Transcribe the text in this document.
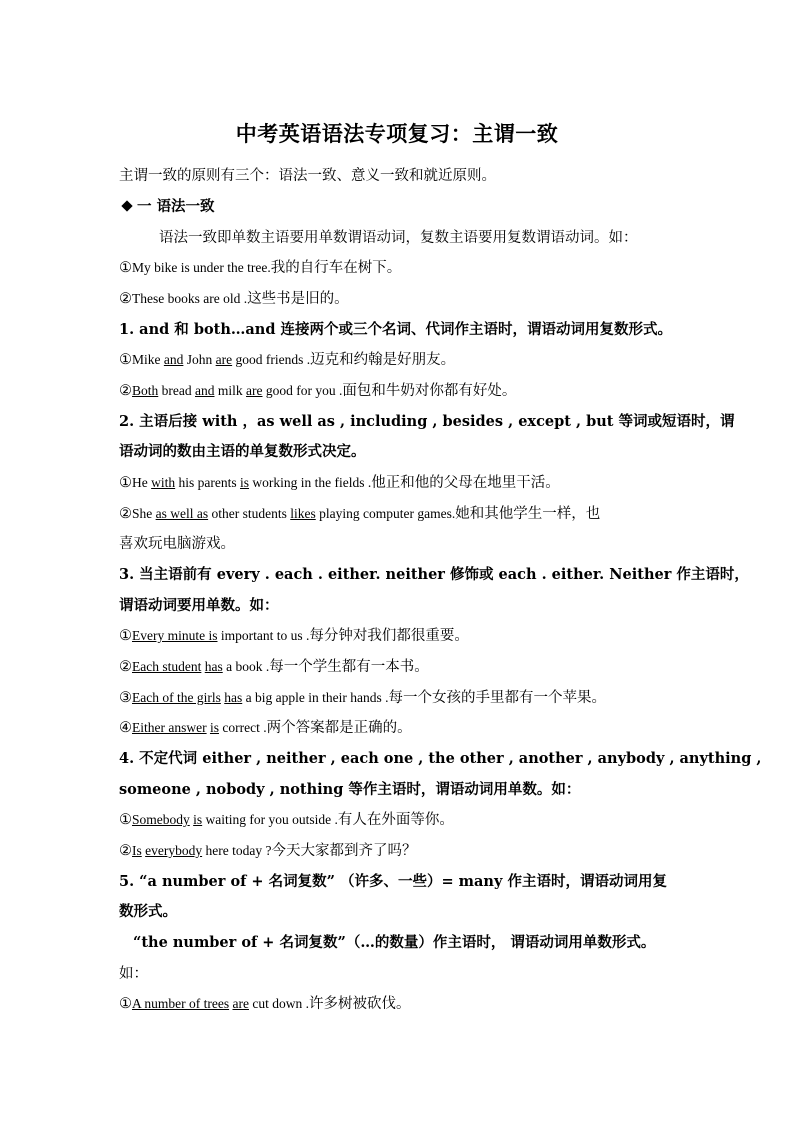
中考英语语法专项复习：主谓一致
主谓一致的原则有三个：语法一致、意义一致和就近原则。
一 语法一致
语法一致即单数主语要用单数谓语动词，复数主语要用复数谓语动词。如：
①My bike is under the tree.我的自行车在树下。
②These books are old .这些书是旧的。
1. and 和 both…and 连接两个或三个名词、代词作主语时，谓语动词用复数形式。
①Mike and John are good friends .迈克和约翰是好朋友。
②Both bread and milk are good for you .面包和牛奶对你都有好处。
2. 主语后接 with ，as well as , including , besides , except , but 等词或短语时，谓
语动词的数由主语的单复数形式决定。
①He with his parents is working in the fields .他正和他的父母在地里干活。
②She as well as other students likes playing computer games.她和其他学生一样，也
喜欢玩电脑游戏。
3. 当主语前有 every . each . either. neither 修饰或 each . either. Neither 作主语时，
谓语动词要用单数。如：
①Every minute is important to us .每分钟对我们都很重要。
②Each student has a book .每一个学生都有一本书。
③Each of the girls has a big apple in their hands .每一个女孩的手里都有一个苹果。
④Either answer is correct .两个答案都是正确的。
4. 不定代词 either , neither , each one , the other , another , anybody , anything ,
someone , nobody , nothing 等作主语时，谓语动词用单数。如：
①Somebody is waiting for you outside .有人在外面等你。
②Is everybody here today ?今天大家都到齐了吗？
5. “a number of + 名词复数” （许多、一些）= many 作主语时，谓语动词用复
数形式。
“the number of + 名词复数”（…的数量）作主语时， 谓语动词用单数形式。
如：
①A number of trees are cut down .许多树被砍伐。
